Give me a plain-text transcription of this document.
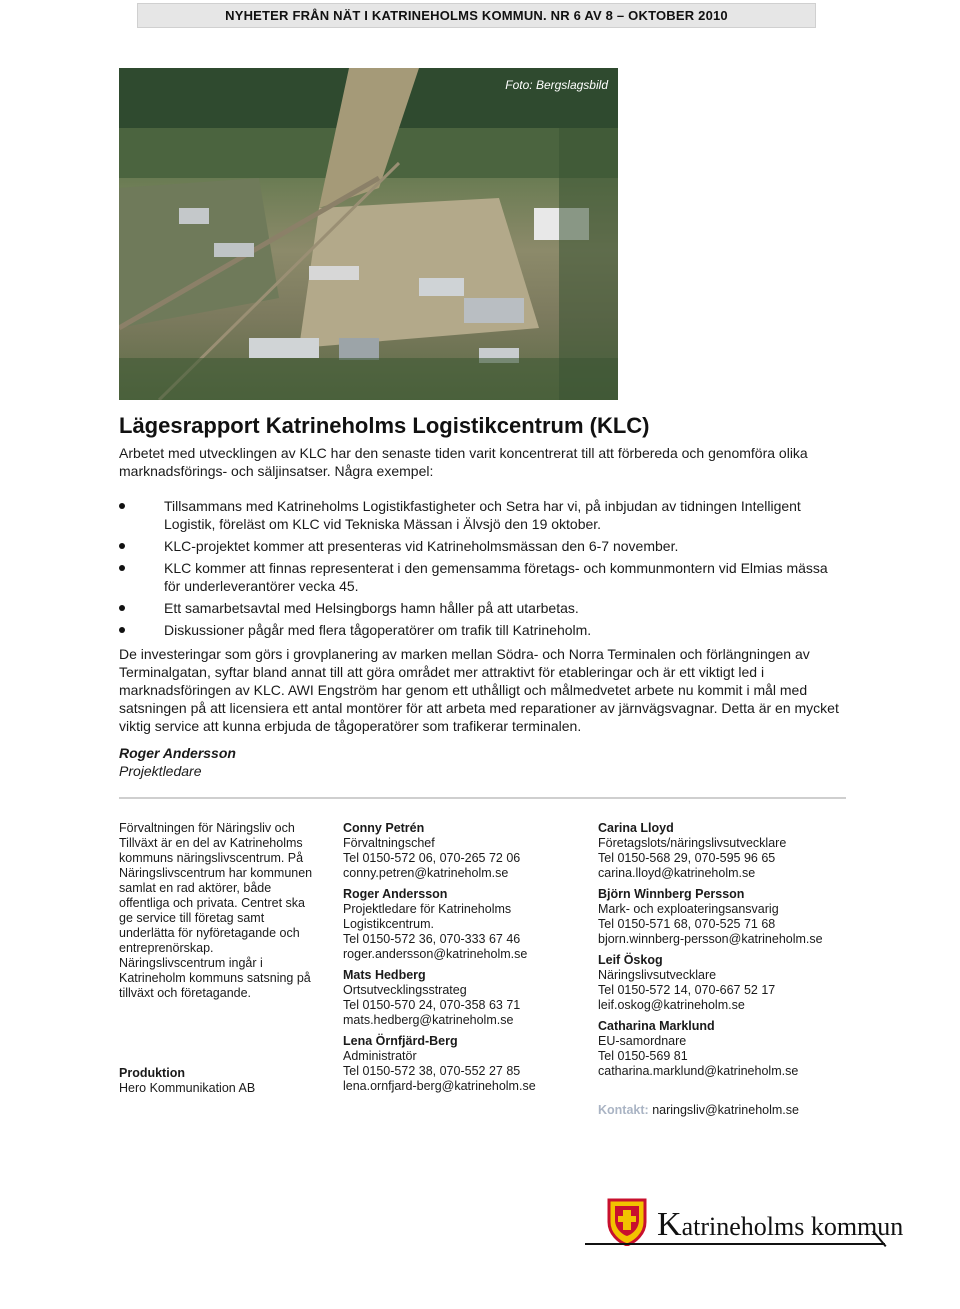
NYHETER FRÅN NÄT I KATRINEHOLMS KOMMUN. NR 6 AV 8 – OKTOBER 2010
Foto: Bergslagsbild
Lägesrapport Katrineholms Logistikcentrum (KLC)

Arbetet med utvecklingen av KLC har den senaste tiden varit koncentrerat till att förbereda och genomföra olika marknadsförings- och säljinsatser. Några exempel:

Tillsammans med Katrineholms Logistikfastigheter och Setra har vi, på inbjudan av tidningen Intelligent Logistik, föreläst om KLC vid Tekniska Mässan i Älvsjö den 19 oktober.
KLC-projektet kommer att presenteras vid Katrineholmsmässan den 6-7 november.
KLC kommer att finnas representerat i den gemensamma företags- och kommunmontern vid Elmias mässa för underleverantörer vecka 45.
Ett samarbetsavtal med Helsingborgs hamn håller på att utarbetas.
Diskussioner pågår med flera tågoperatörer om trafik till Katrineholm.

De investeringar som görs i grovplanering av marken mellan Södra- och Norra Terminalen och förlängningen av Terminalgatan, syftar bland annat till att göra området mer attraktivt för etableringar och är ett viktigt led i marknadsföringen av KLC. AWI Engström har genom ett uthålligt och målmedvetet arbete nu kommit i mål med satsningen på att licensiera ett antal montörer för att arbeta med reparationer av järnvägsvagnar. Detta är en mycket viktig service att kunna erbjuda de tågoperatörer som trafikerar terminalen.

Roger Andersson
Projektledare
Förvaltningen för Näringsliv och Tillväxt är en del av Katrineholms kommuns näringslivscentrum. På Näringslivscentrum har kommunen samlat en rad aktörer, både offentliga och privata. Centret ska ge service till företag samt underlätta för nyföretagande och entreprenörskap. Näringslivscentrum ingår i Katrineholm kommuns satsning på tillväxt och företagande.
Produktion
Hero Kommunikation AB
Conny Petrén
Förvaltningschef
Tel 0150-572 06, 070-265 72 06
conny.petren@katrineholm.se
Roger Andersson
Projektledare för Katrineholms Logistikcentrum.
Tel 0150-572 36, 070-333 67 46
roger.andersson@katrineholm.se
Mats Hedberg
Ortsutvecklingsstrateg
Tel 0150-570 24, 070-358 63 71
mats.hedberg@katrineholm.se
Lena Örnfjärd-Berg
Administratör
Tel 0150-572 38, 070-552 27 85
lena.ornfjard-berg@katrineholm.se
Carina Lloyd
Företagslots/näringslivsutvecklare
Tel 0150-568 29, 070-595 96 65
carina.lloyd@katrineholm.se
Björn Winnberg Persson
Mark- och exploateringsansvarig
Tel 0150-571 68, 070-525 71 68
bjorn.winnberg-persson@katrineholm.se
Leif Öskog
Näringslivsutvecklare
Tel 0150-572 14, 070-667 52 17
leif.oskog@katrineholm.se
Catharina Marklund
EU-samordnare
Tel 0150-569 81
catharina.marklund@katrineholm.se
Kontakt: naringsliv@katrineholm.se
Katrineholms kommun
